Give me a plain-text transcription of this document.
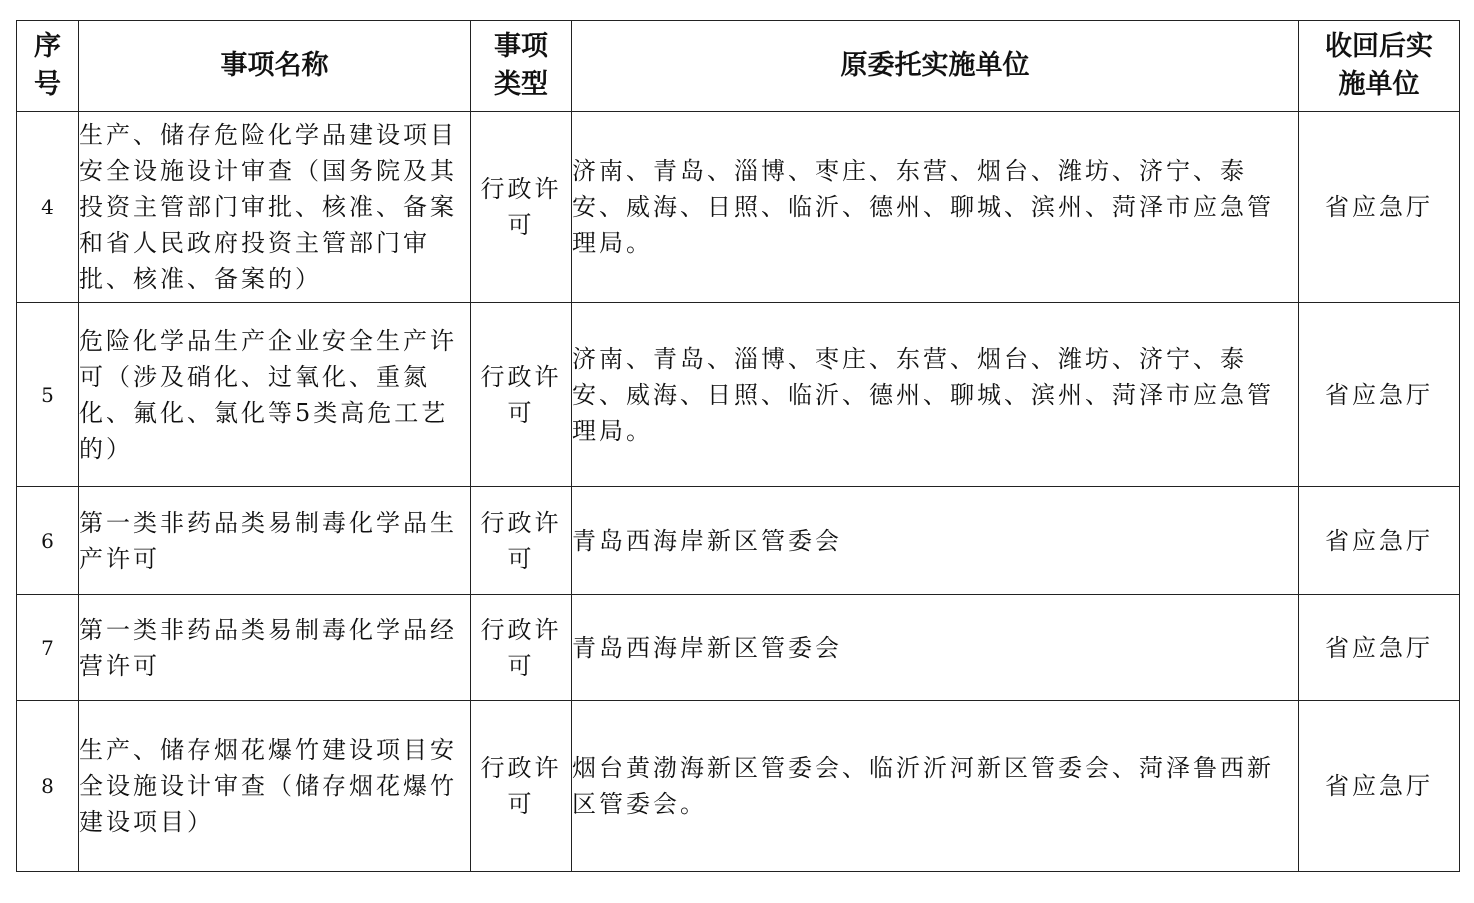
序号	事项名称	事项类型	原委托实施单位	收回后实施单位
4	生产、储存危险化学品建设项目安全设施设计审查（国务院及其投资主管部门审批、核准、备案和省人民政府投资主管部门审批、核准、备案的）	行政许可	济南、青岛、淄博、枣庄、东营、烟台、潍坊、济宁、泰安、威海、日照、临沂、德州、聊城、滨州、菏泽市应急管理局。	省应急厅
5	危险化学品生产企业安全生产许可（涉及硝化、过氧化、重氮化、氟化、氯化等5类高危工艺的）	行政许可	济南、青岛、淄博、枣庄、东营、烟台、潍坊、济宁、泰安、威海、日照、临沂、德州、聊城、滨州、菏泽市应急管理局。	省应急厅
6	第一类非药品类易制毒化学品生产许可	行政许可	青岛西海岸新区管委会	省应急厅
7	第一类非药品类易制毒化学品经营许可	行政许可	青岛西海岸新区管委会	省应急厅
8	生产、储存烟花爆竹建设项目安全设施设计审查（储存烟花爆竹建设项目）	行政许可	烟台黄渤海新区管委会、临沂沂河新区管委会、菏泽鲁西新区管委会。	省应急厅
